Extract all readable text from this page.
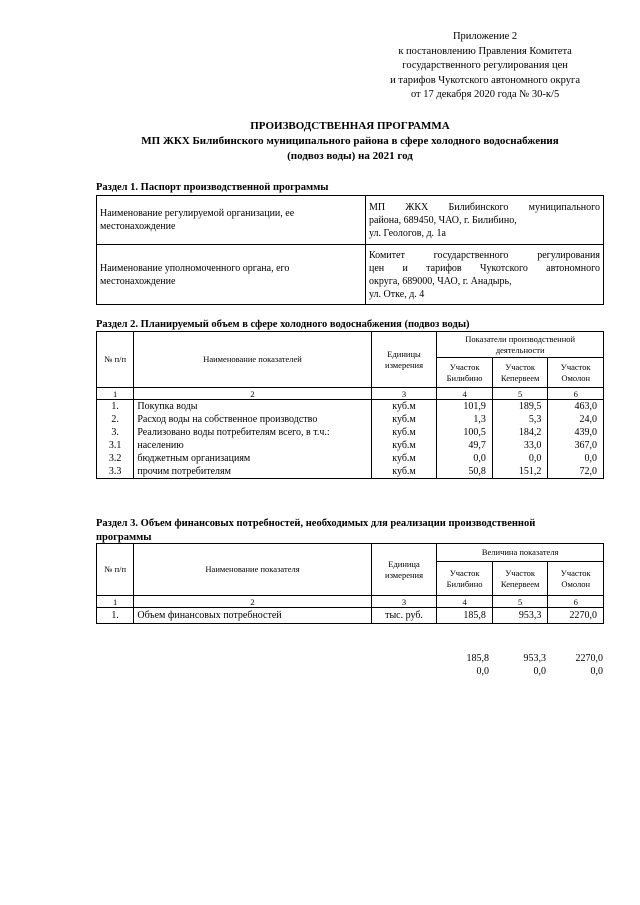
Приложение 2
к постановлению Правления Комитета
государственного регулирования цен
и тарифов Чукотского автономного округа
от 17 декабря 2020 года № 30-к/5
ПРОИЗВОДСТВЕННАЯ ПРОГРАММА
МП ЖКХ Билибинского муниципального района в сфере холодного водоснабжения
(подвоз воды) на 2021 год
Раздел 1. Паспорт производственной программы
Наименование регулируемой организации, ее местонахождение	МП ЖКХ Билибинского муниципального
района, 689450, ЧАО, г. Билибино,
ул. Геологов, д. 1а

Наименование уполномоченного органа, его местонахождение	Комитет государственного регулирования
цен и тарифов Чукотского автономного
округа, 689000, ЧАО, г. Анадырь,
ул. Отке, д. 4
Раздел 2. Планируемый объем в сфере холодного водоснабжения (подвоз воды)
№ п/п	Наименование показателей	Единицы измерения	Показатели производственной деятельности		
			Участок Билибино	Участок Кепервеем	Участок Омолон
1	2	3	4	5	6
1.	Покупка воды	куб.м	101,9	189,5	463,0
2.	Расход воды на собственное производство	куб.м	1,3	5,3	24,0
3.	Реализовано воды потребителям всего, в т.ч.:	куб.м	100,5	184,2	439,0
3.1	населению	куб.м	49,7	33,0	367,0
3.2	бюджетным организациям	куб.м	0,0	0,0	0,0
3.3	прочим потребителям	куб.м	50,8	151,2	72,0
Раздел 3. Объем финансовых потребностей, необходимых для реализации производственной
программы
№ п/п	Наименование показателя	Единица измерения	Величина показателя		
			Участок Билибино	Участок Кепервеем	Участок Омолон
1	2	3	4	5	6
1.	Объем финансовых потребностей	тыс. руб.	185,8	953,3	2270,0
185,8	953,3	2270,0
0,0	0,0	0,0
